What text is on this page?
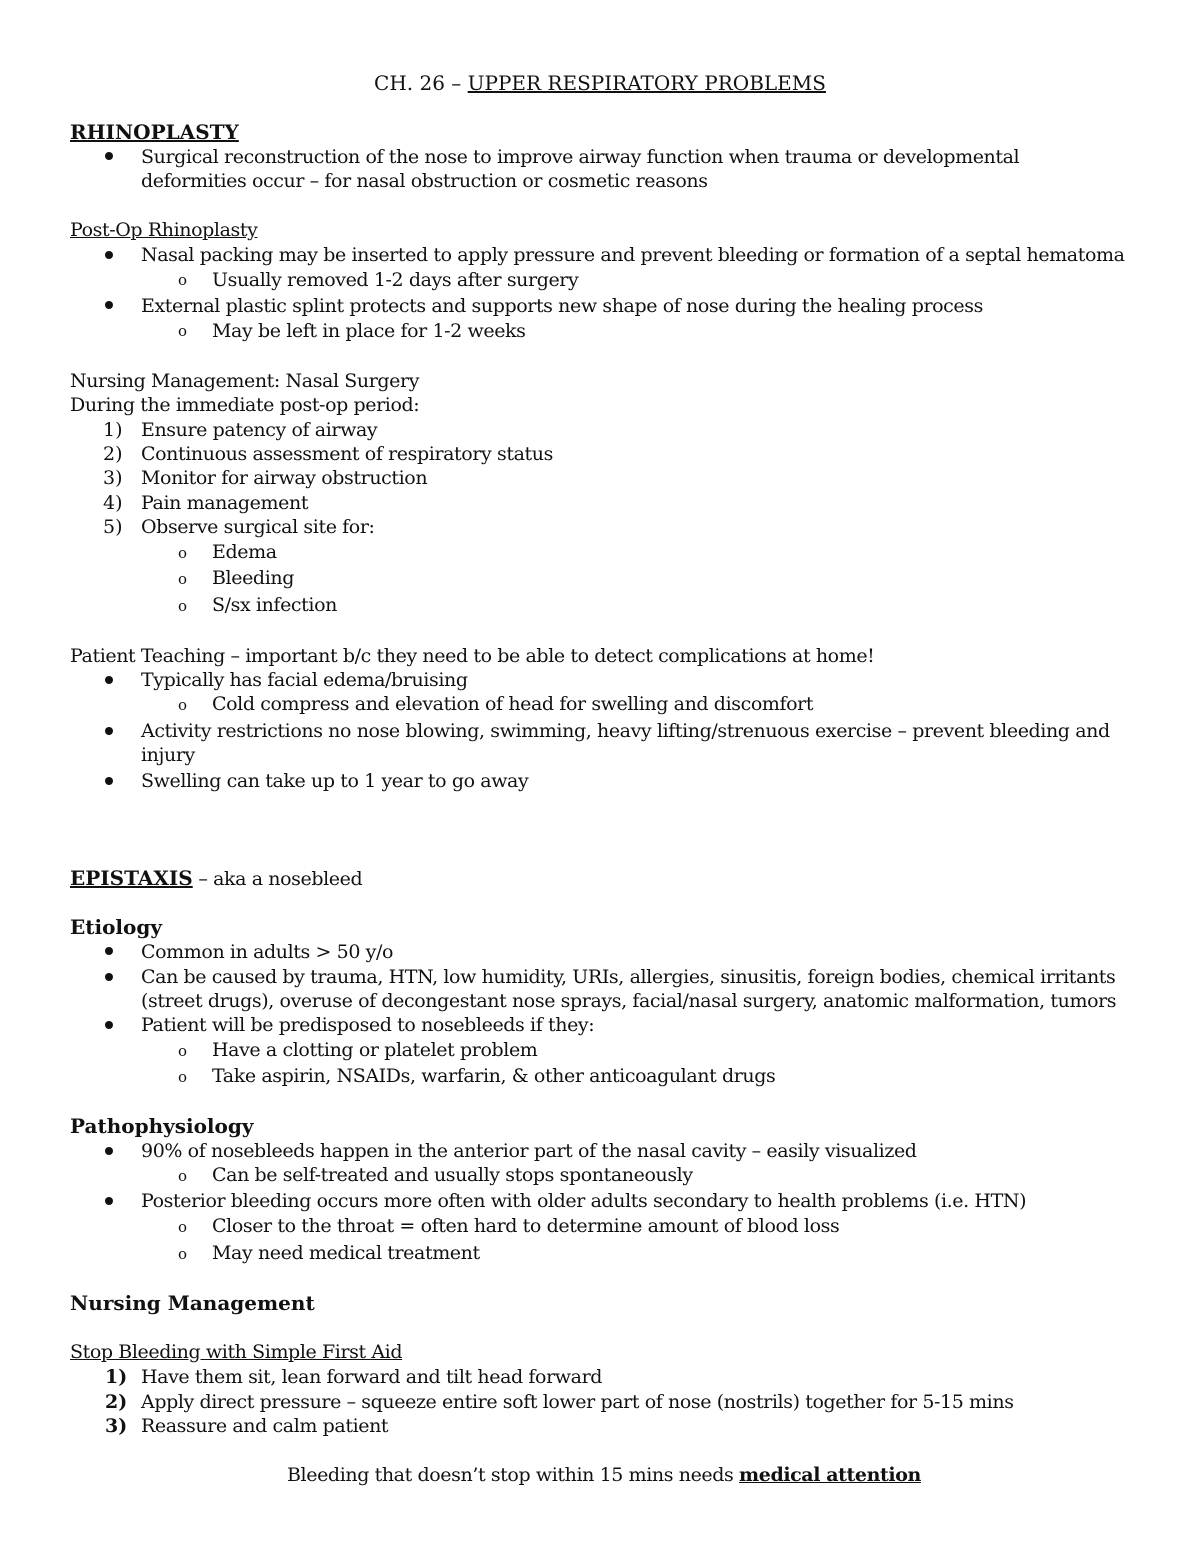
CH. 26 – UPPER RESPIRATORY PROBLEMS
RHINOPLASTY
Surgical reconstruction of the nose to improve airway function when trauma or developmental
deformities occur – for nasal obstruction or cosmetic reasons
Post-Op Rhinoplasty
Nasal packing may be inserted to apply pressure and prevent bleeding or formation of a septal hematoma
o Usually removed 1-2 days after surgery
External plastic splint protects and supports new shape of nose during the healing process
o May be left in place for 1-2 weeks
Nursing Management: Nasal Surgery
During the immediate post-op period:
1) Ensure patency of airway
2) Continuous assessment of respiratory status
3) Monitor for airway obstruction
4) Pain management
5) Observe surgical site for:
o Edema
o Bleeding
o S/sx infection
Patient Teaching – important b/c they need to be able to detect complications at home!
Typically has facial edema/bruising
o Cold compress and elevation of head for swelling and discomfort
Activity restrictions no nose blowing, swimming, heavy lifting/strenuous exercise – prevent bleeding and
injury
Swelling can take up to 1 year to go away
EPISTAXIS – aka a nosebleed
Etiology
Common in adults > 50 y/o
Can be caused by trauma, HTN, low humidity, URIs, allergies, sinusitis, foreign bodies, chemical irritants
(street drugs), overuse of decongestant nose sprays, facial/nasal surgery, anatomic malformation, tumors
Patient will be predisposed to nosebleeds if they:
o Have a clotting or platelet problem
o Take aspirin, NSAIDs, warfarin, & other anticoagulant drugs
Pathophysiology
90% of nosebleeds happen in the anterior part of the nasal cavity – easily visualized
o Can be self-treated and usually stops spontaneously
Posterior bleeding occurs more often with older adults secondary to health problems (i.e. HTN)
o Closer to the throat = often hard to determine amount of blood loss
o May need medical treatment
Nursing Management
Stop Bleeding with Simple First Aid
1) Have them sit, lean forward and tilt head forward
2) Apply direct pressure – squeeze entire soft lower part of nose (nostrils) together for 5-15 mins
3) Reassure and calm patient
Bleeding that doesn’t stop within 15 mins needs medical attention
